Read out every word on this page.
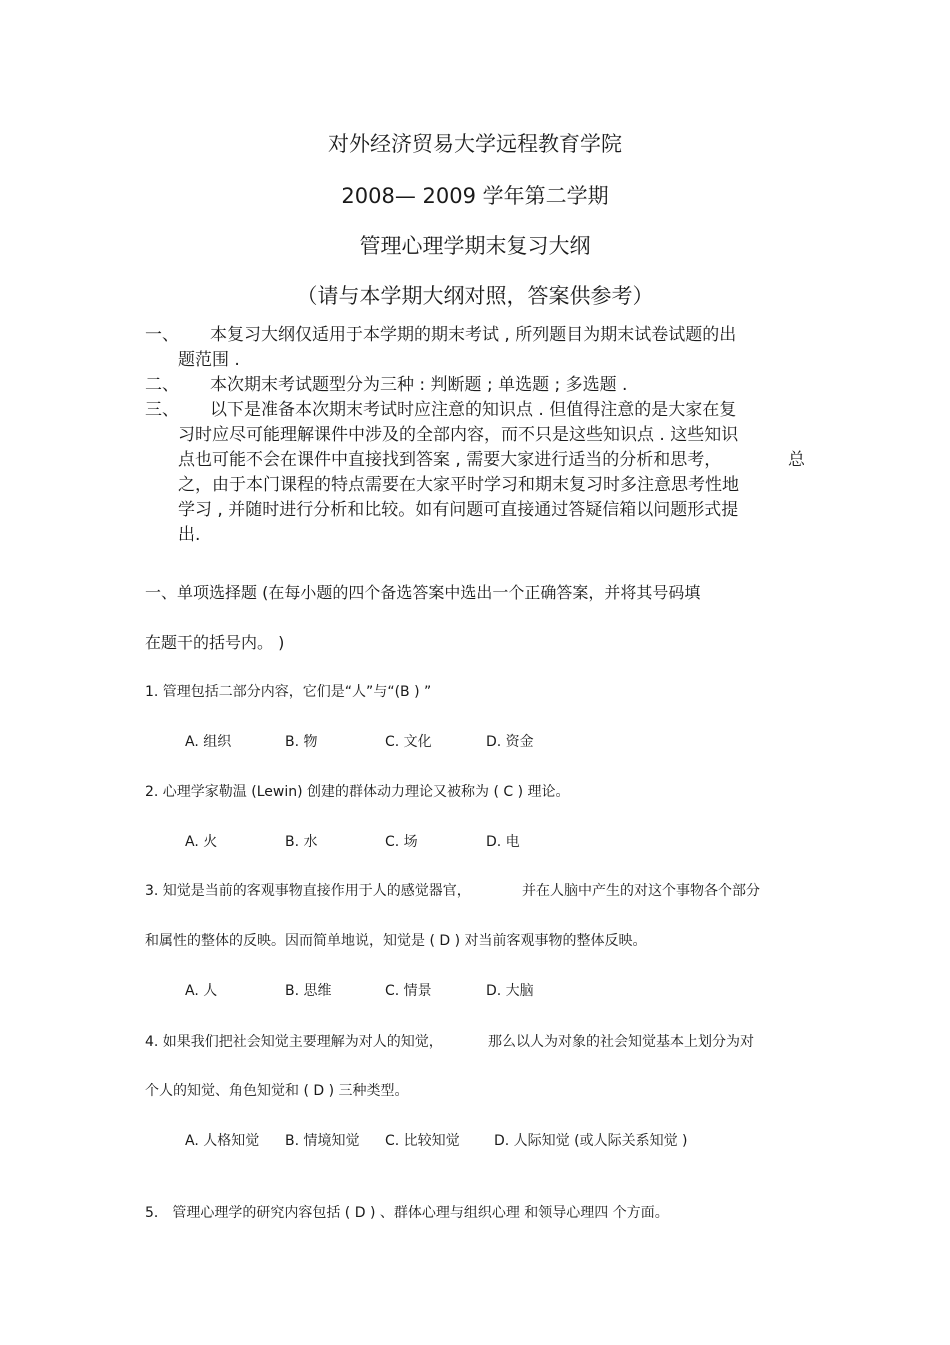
对外经济贸易大学远程教育学院
2008— 2009 学年第二学期
管理心理学期末复习大纲
（请与本学期大纲对照，答案供参考）
一、 本复习大纲仅适用于本学期的期末考试 , 所列题目为期末试卷试题的出
题范围 .
二、 本次期末考试题型分为三种 : 判断题 ; 单选题 ; 多选题 .
三、 以下是准备本次期末考试时应注意的知识点 . 但值得注意的是大家在复
习时应尽可能理解课件中涉及的全部内容，而不只是这些知识点 . 这些知识
点也可能不会在课件中直接找到答案 , 需要大家进行适当的分析和思考，	总
之，由于本门课程的特点需要在大家平时学习和期末复习时多注意思考性地
学习 , 并随时进行分析和比较。如有问题可直接通过答疑信箱以问题形式提
出.
一、单项选择题 (在每小题的四个备选答案中选出一个正确答案，并将其号码填
在题干的括号内。 )
1. 管理包括二部分内容，它们是“人”与“(B ) ”
A. 组织	B. 物	C. 文化	D. 资金
2. 心理学家勒温 (Lewin) 创建的群体动力理论又被称为 ( C ) 理论。
A. 火	B. 水	C. 场	D. 电
3. 知觉是当前的客观事物直接作用于人的感觉器官，	并在人脑中产生的对这个事物各个部分
和属性的整体的反映。因而简单地说，知觉是 ( D ) 对当前客观事物的整体反映。
A. 人	B. 思维	C. 情景	D. 大脑
4. 如果我们把社会知觉主要理解为对人的知觉，	那么以人为对象的社会知觉基本上划分为对
个人的知觉、角色知觉和 ( D ) 三种类型。
A. 人格知觉 B. 情境知觉 C. 比较知觉 D. 人际知觉 (或人际关系知觉 )
5． 管理心理学的研究内容包括 ( D ) 、群体心理与组织心理 和领导心理四 个方面。
